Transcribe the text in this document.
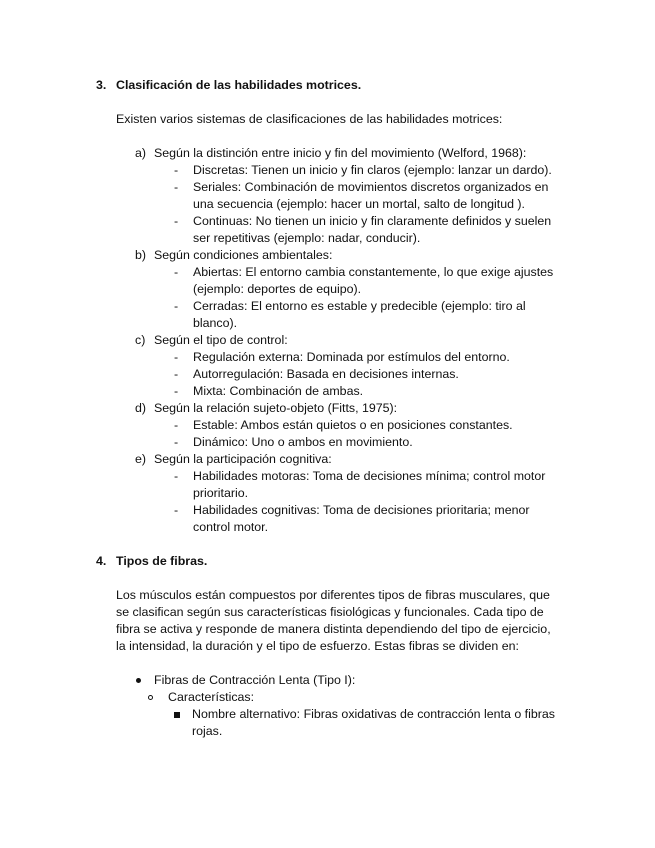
3. Clasificación de las habilidades motrices.
Existen varios sistemas de clasificaciones de las habilidades motrices:
a) Según la distinción entre inicio y fin del movimiento (Welford, 1968):
- Discretas: Tienen un inicio y fin claros (ejemplo: lanzar un dardo).
- Seriales: Combinación de movimientos discretos organizados en
una secuencia (ejemplo: hacer un mortal, salto de longitud ).
- Continuas: No tienen un inicio y fin claramente definidos y suelen
ser repetitivas (ejemplo: nadar, conducir).
b) Según condiciones ambientales:
- Abiertas: El entorno cambia constantemente, lo que exige ajustes
(ejemplo: deportes de equipo).
- Cerradas: El entorno es estable y predecible (ejemplo: tiro al
blanco).
c) Según el tipo de control:
- Regulación externa: Dominada por estímulos del entorno.
- Autorregulación: Basada en decisiones internas.
- Mixta: Combinación de ambas.
d) Según la relación sujeto-objeto (Fitts, 1975):
- Estable: Ambos están quietos o en posiciones constantes.
- Dinámico: Uno o ambos en movimiento.
e) Según la participación cognitiva:
- Habilidades motoras: Toma de decisiones mínima; control motor
prioritario.
- Habilidades cognitivas: Toma de decisiones prioritaria; menor
control motor.
4. Tipos de fibras.
Los músculos están compuestos por diferentes tipos de fibras musculares, que
se clasifican según sus características fisiológicas y funcionales. Cada tipo de
fibra se activa y responde de manera distinta dependiendo del tipo de ejercicio,
la intensidad, la duración y el tipo de esfuerzo. Estas fibras se dividen en:
Fibras de Contracción Lenta (Tipo I):
Características:
Nombre alternativo: Fibras oxidativas de contracción lenta o fibras
rojas.
